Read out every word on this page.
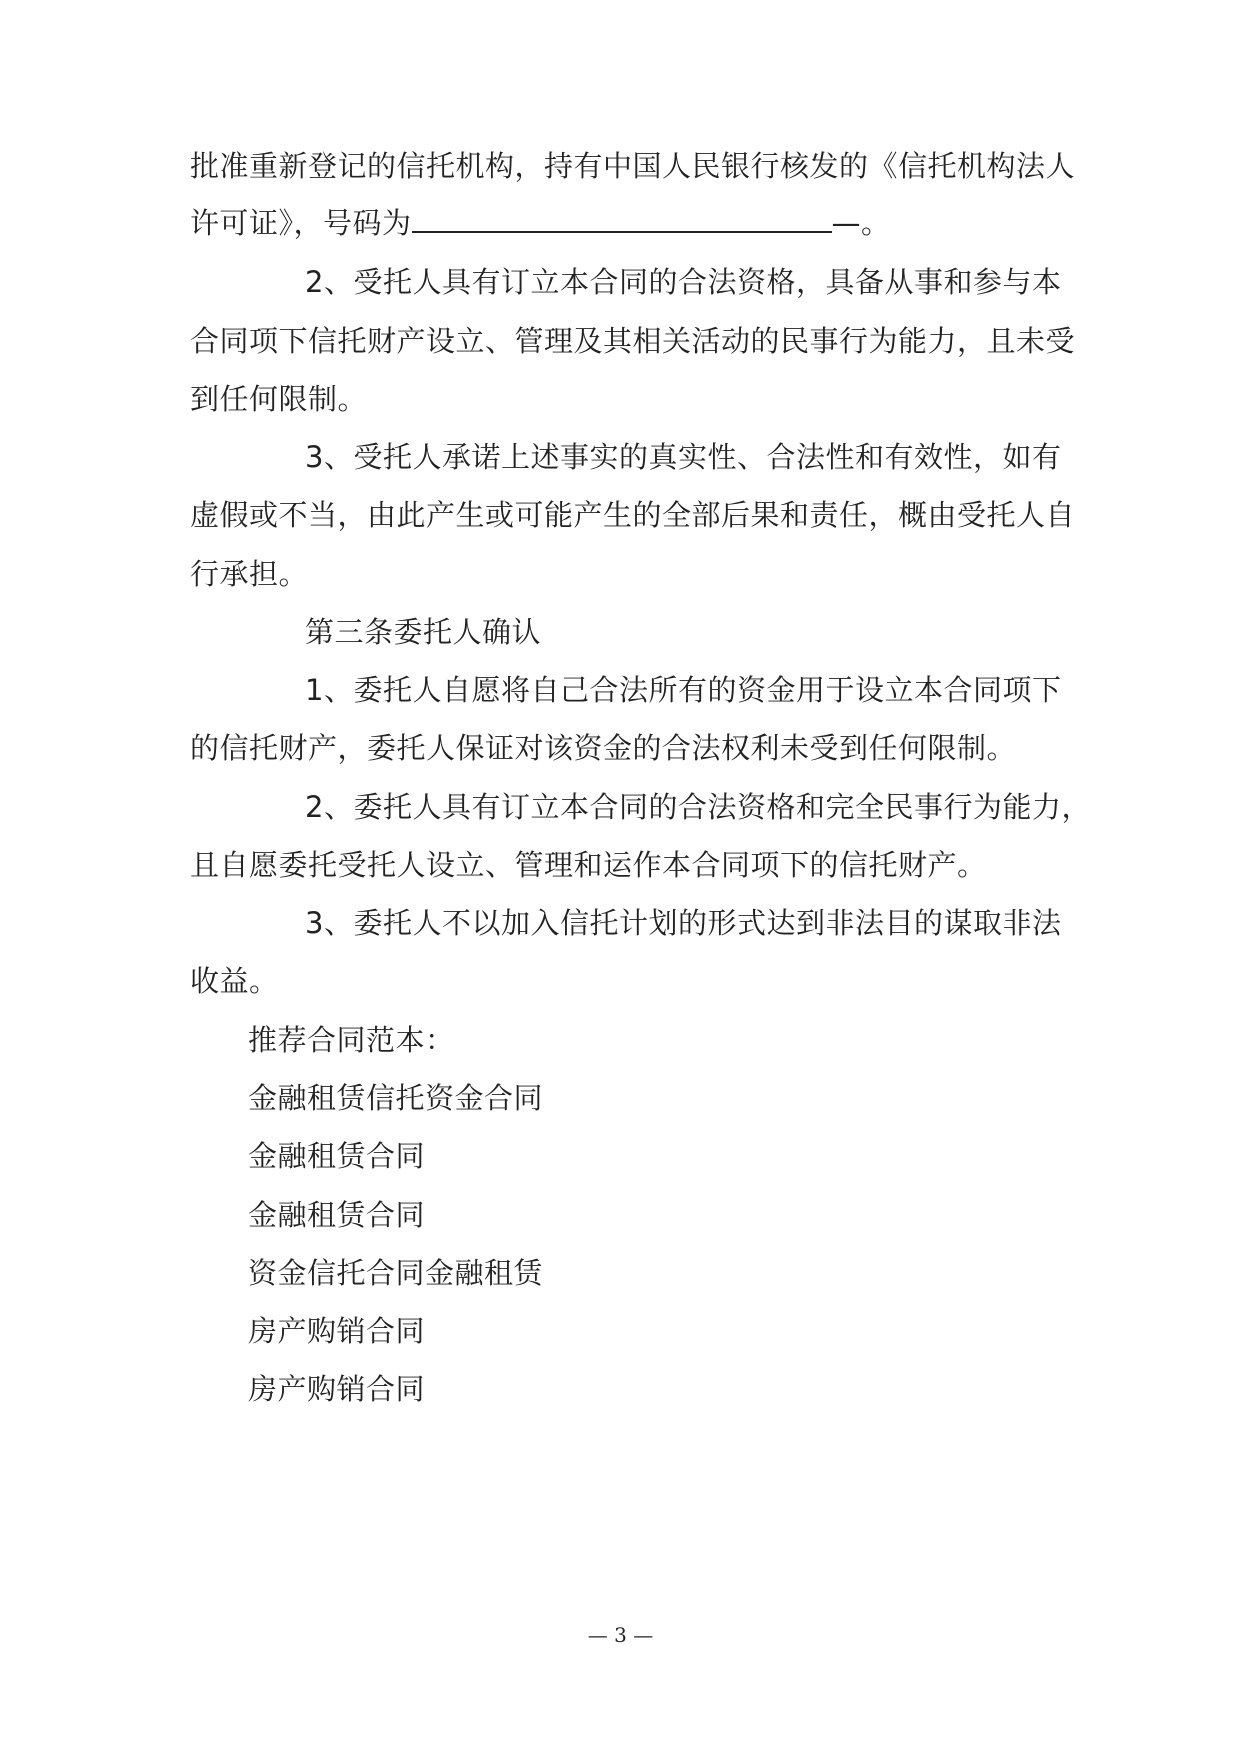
批准重新登记的信托机构，持有中国人民银行核发的《信托机构法人
许可证》，号码为	—。
2、受托人具有订立本合同的合法资格，具备从事和参与本
合同项下信托财产设立、管理及其相关活动的民事行为能力，且未受
到任何限制。
3、受托人承诺上述事实的真实性、合法性和有效性，如有
虚假或不当，由此产生或可能产生的全部后果和责任，概由受托人自
行承担。
第三条委托人确认
1、委托人自愿将自己合法所有的资金用于设立本合同项下
的信托财产，委托人保证对该资金的合法权利未受到任何限制。
2、委托人具有订立本合同的合法资格和完全民事行为能力，
且自愿委托受托人设立、管理和运作本合同项下的信托财产。
3、委托人不以加入信托计划的形式达到非法目的谋取非法
收益。
推荐合同范本：
金融租赁信托资金合同
金融租赁合同
金融租赁合同
资金信托合同金融租赁
房产购销合同
房产购销合同
— 3 —
